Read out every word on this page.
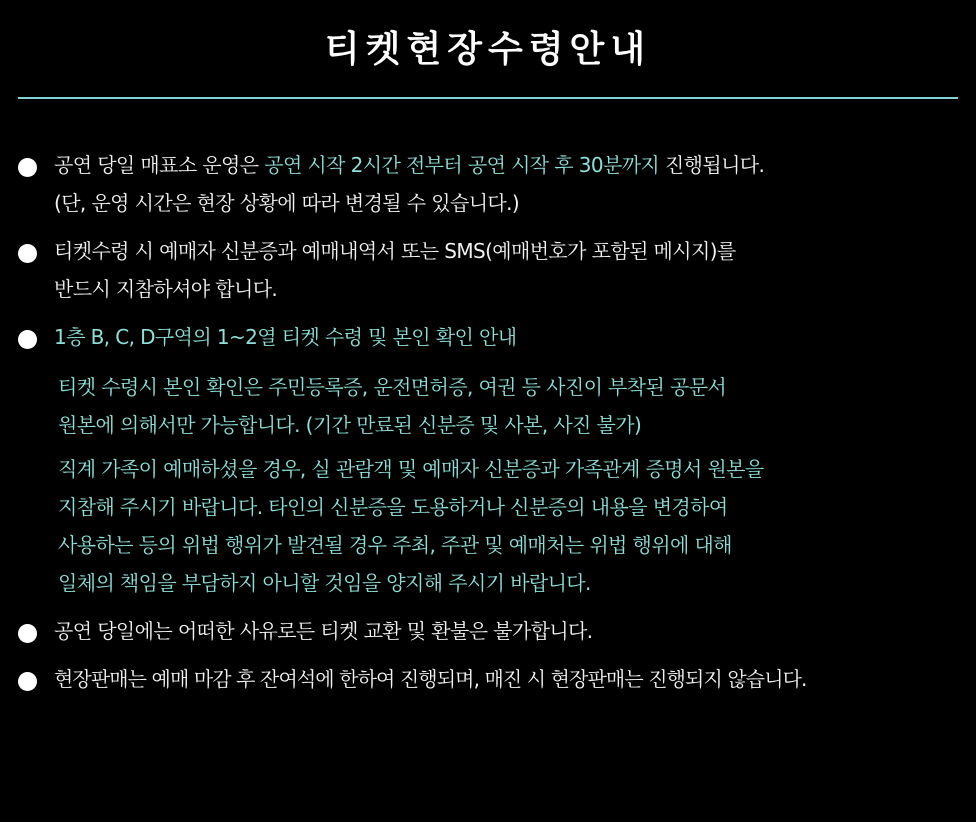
티켓현장수령안내
공연 당일 매표소 운영은 공연 시작 2시간 전부터 공연 시작 후 30분까지 진행됩니다.
(단, 운영 시간은 현장 상황에 따라 변경될 수 있습니다.)
티켓수령 시 예매자 신분증과 예매내역서 또는 SMS(예매번호가 포함된 메시지)를
반드시 지참하셔야 합니다.
1층 B, C, D구역의 1~2열 티켓 수령 및 본인 확인 안내
티켓 수령시 본인 확인은 주민등록증, 운전면허증, 여권 등 사진이 부착된 공문서
원본에 의해서만 가능합니다. (기간 만료된 신분증 및 사본, 사진 불가)
직계 가족이 예매하셨을 경우, 실 관람객 및 예매자 신분증과 가족관계 증명서 원본을
지참해 주시기 바랍니다. 타인의 신분증을 도용하거나 신분증의 내용을 변경하여
사용하는 등의 위법 행위가 발견될 경우 주최, 주관 및 예매처는 위법 행위에 대해
일체의 책임을 부담하지 아니할 것임을 양지해 주시기 바랍니다.
공연 당일에는 어떠한 사유로든 티켓 교환 및 환불은 불가합니다.
현장판매는 예매 마감 후 잔여석에 한하여 진행되며, 매진 시 현장판매는 진행되지 않습니다.
